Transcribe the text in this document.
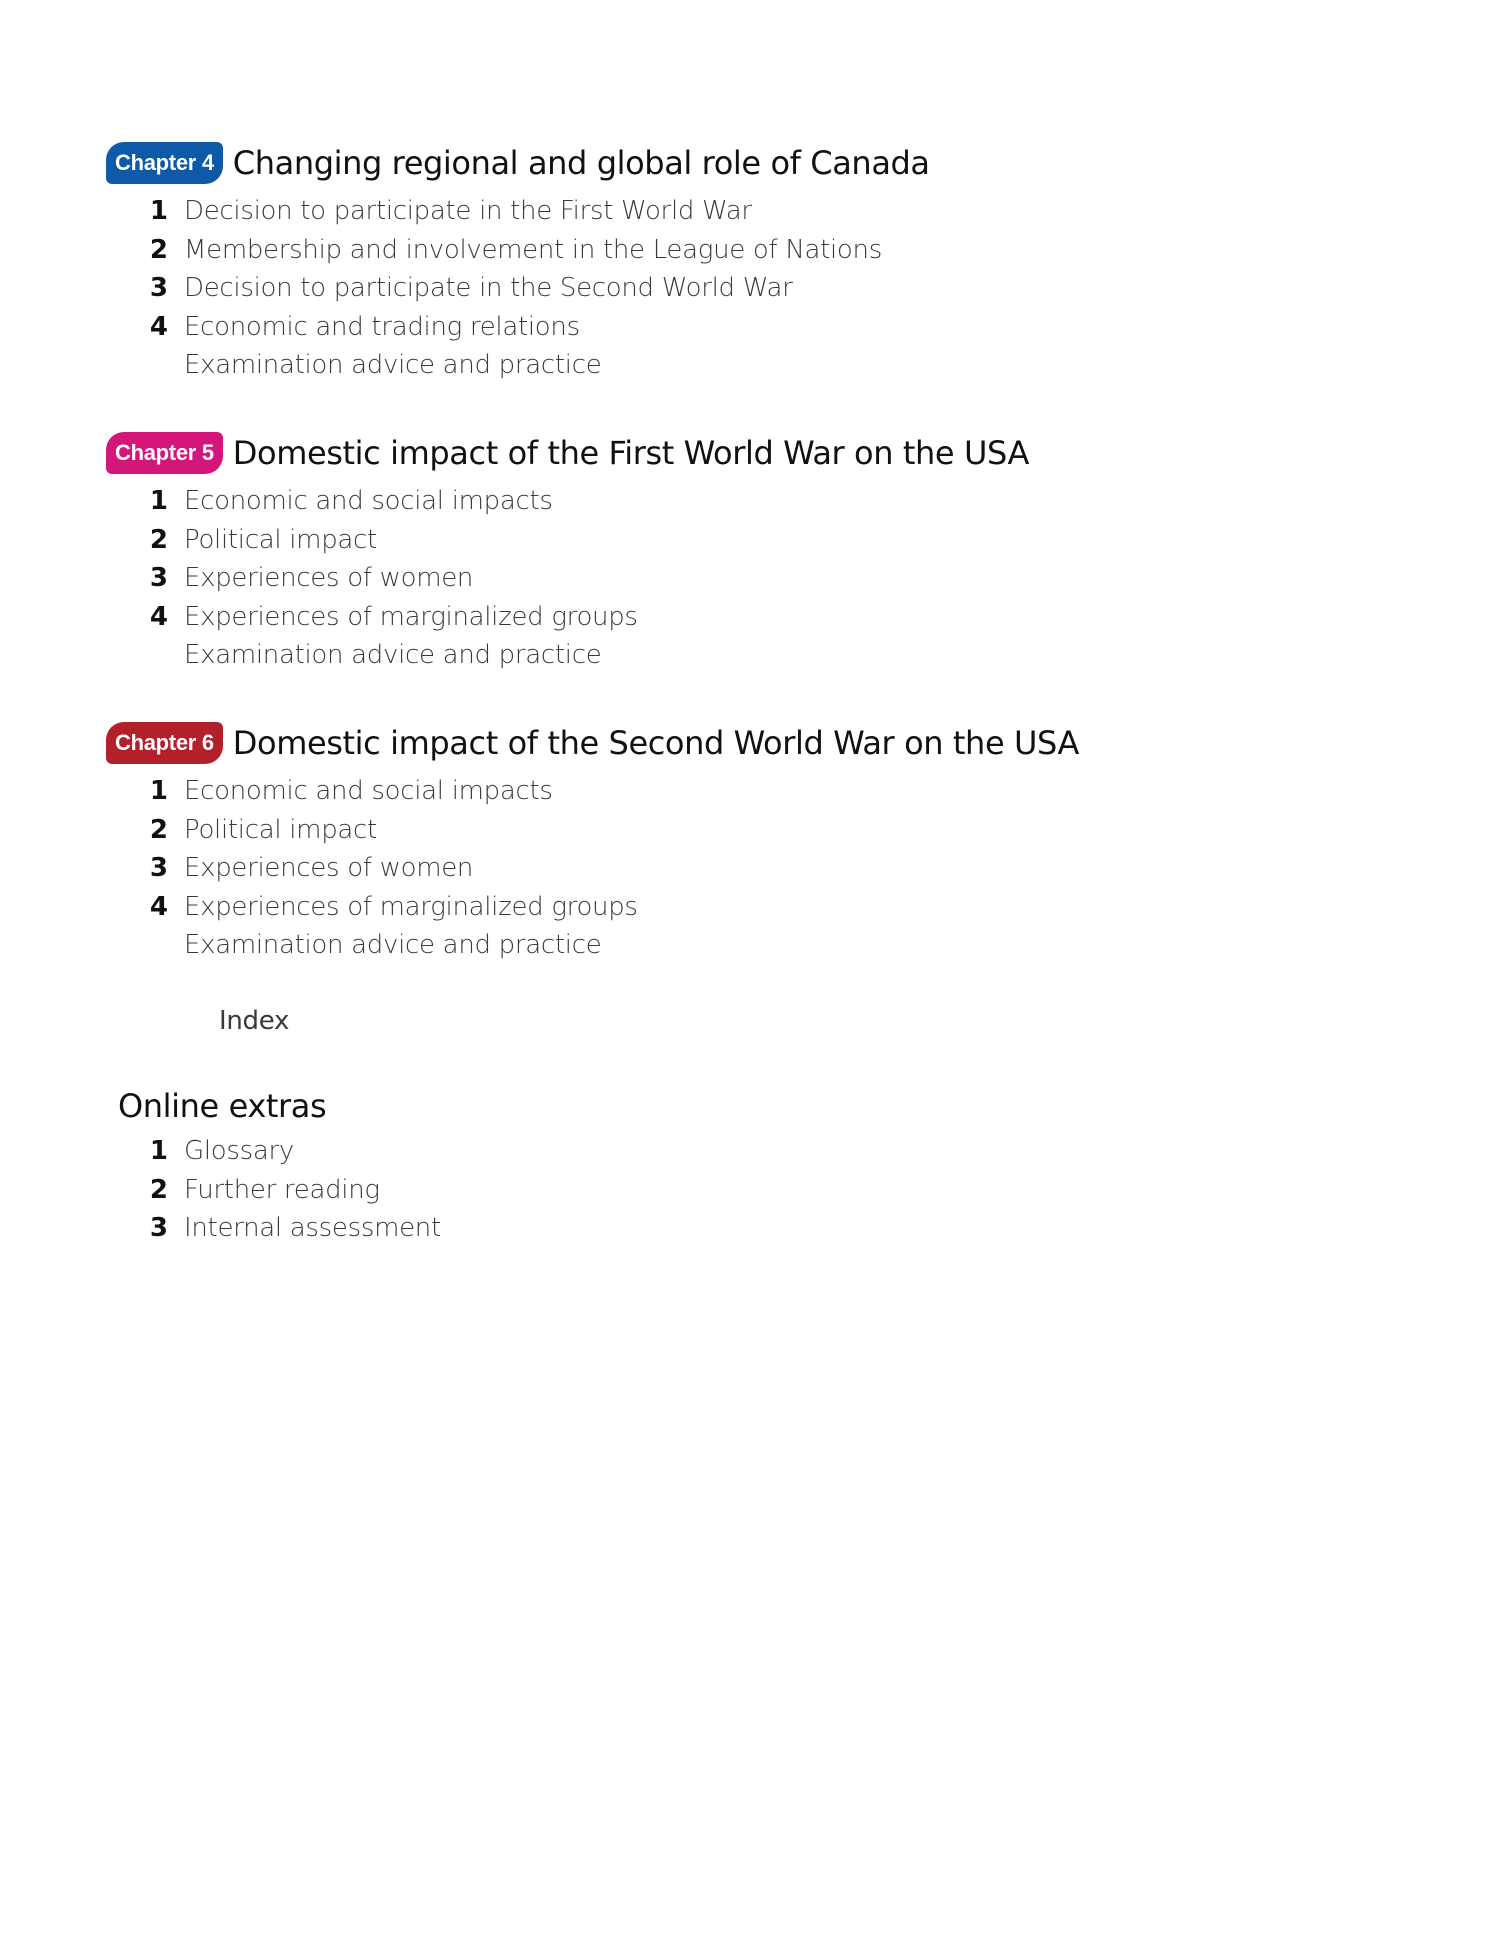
Chapter 4 Changing regional and global role of Canada
1 Decision to participate in the First World War
2 Membership and involvement in the League of Nations
3 Decision to participate in the Second World War
4 Economic and trading relations
Examination advice and practice
Chapter 5 Domestic impact of the First World War on the USA
1 Economic and social impacts
2 Political impact
3 Experiences of women
4 Experiences of marginalized groups
Examination advice and practice
Chapter 6 Domestic impact of the Second World War on the USA
1 Economic and social impacts
2 Political impact
3 Experiences of women
4 Experiences of marginalized groups
Examination advice and practice
Index
Online extras
1 Glossary
2 Further reading
3 Internal assessment
